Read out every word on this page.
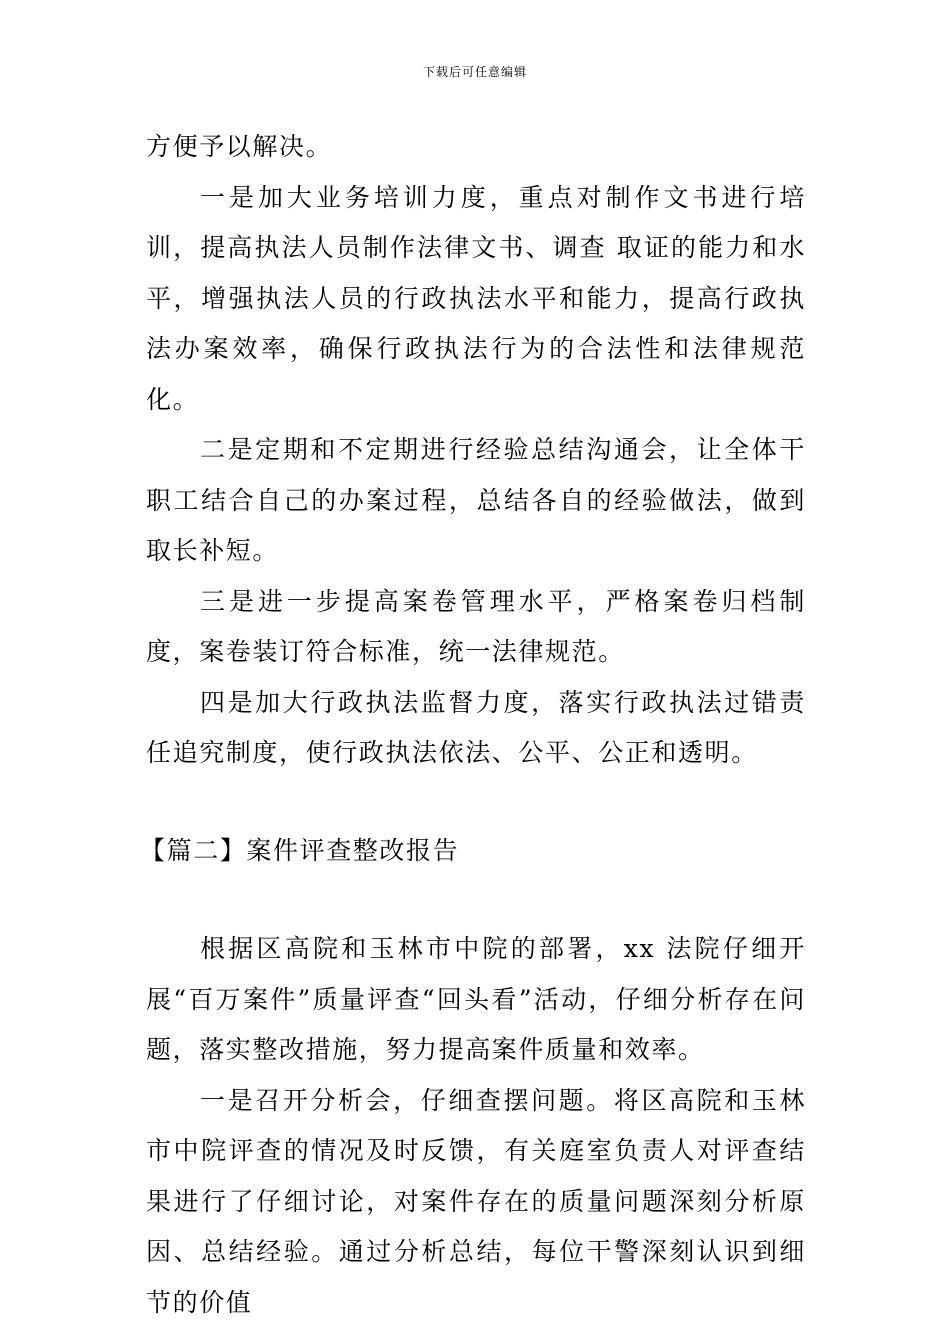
下载后可任意编辑

方便予以解决。

一是加大业务培训力度，重点对制作文书进行培训，提高执法人员制作法律文书、调查 取证的能力和水平，增强执法人员的行政执法水平和能力，提高行政执法办案效率，确保行政执法行为的合法性和法律规范化。

二是定期和不定期进行经验总结沟通会，让全体干职工结合自己的办案过程，总结各自的经验做法，做到取长补短。

三是进一步提高案卷管理水平，严格案卷归档制度，案卷装订符合标准，统一法律规范。

四是加大行政执法监督力度，落实行政执法过错责任追究制度，使行政执法依法、公平、公正和透明。

【篇二】案件评查整改报告

根据区高院和玉林市中院的部署，xx 法院仔细开展“百万案件”质量评查“回头看”活动，仔细分析存在问题，落实整改措施，努力提高案件质量和效率。

一是召开分析会，仔细查摆问题。将区高院和玉林市中院评查的情况及时反馈，有关庭室负责人对评查结果进行了仔细讨论，对案件存在的质量问题深刻分析原因、总结经验。通过分析总结，每位干警深刻认识到细节的价值
